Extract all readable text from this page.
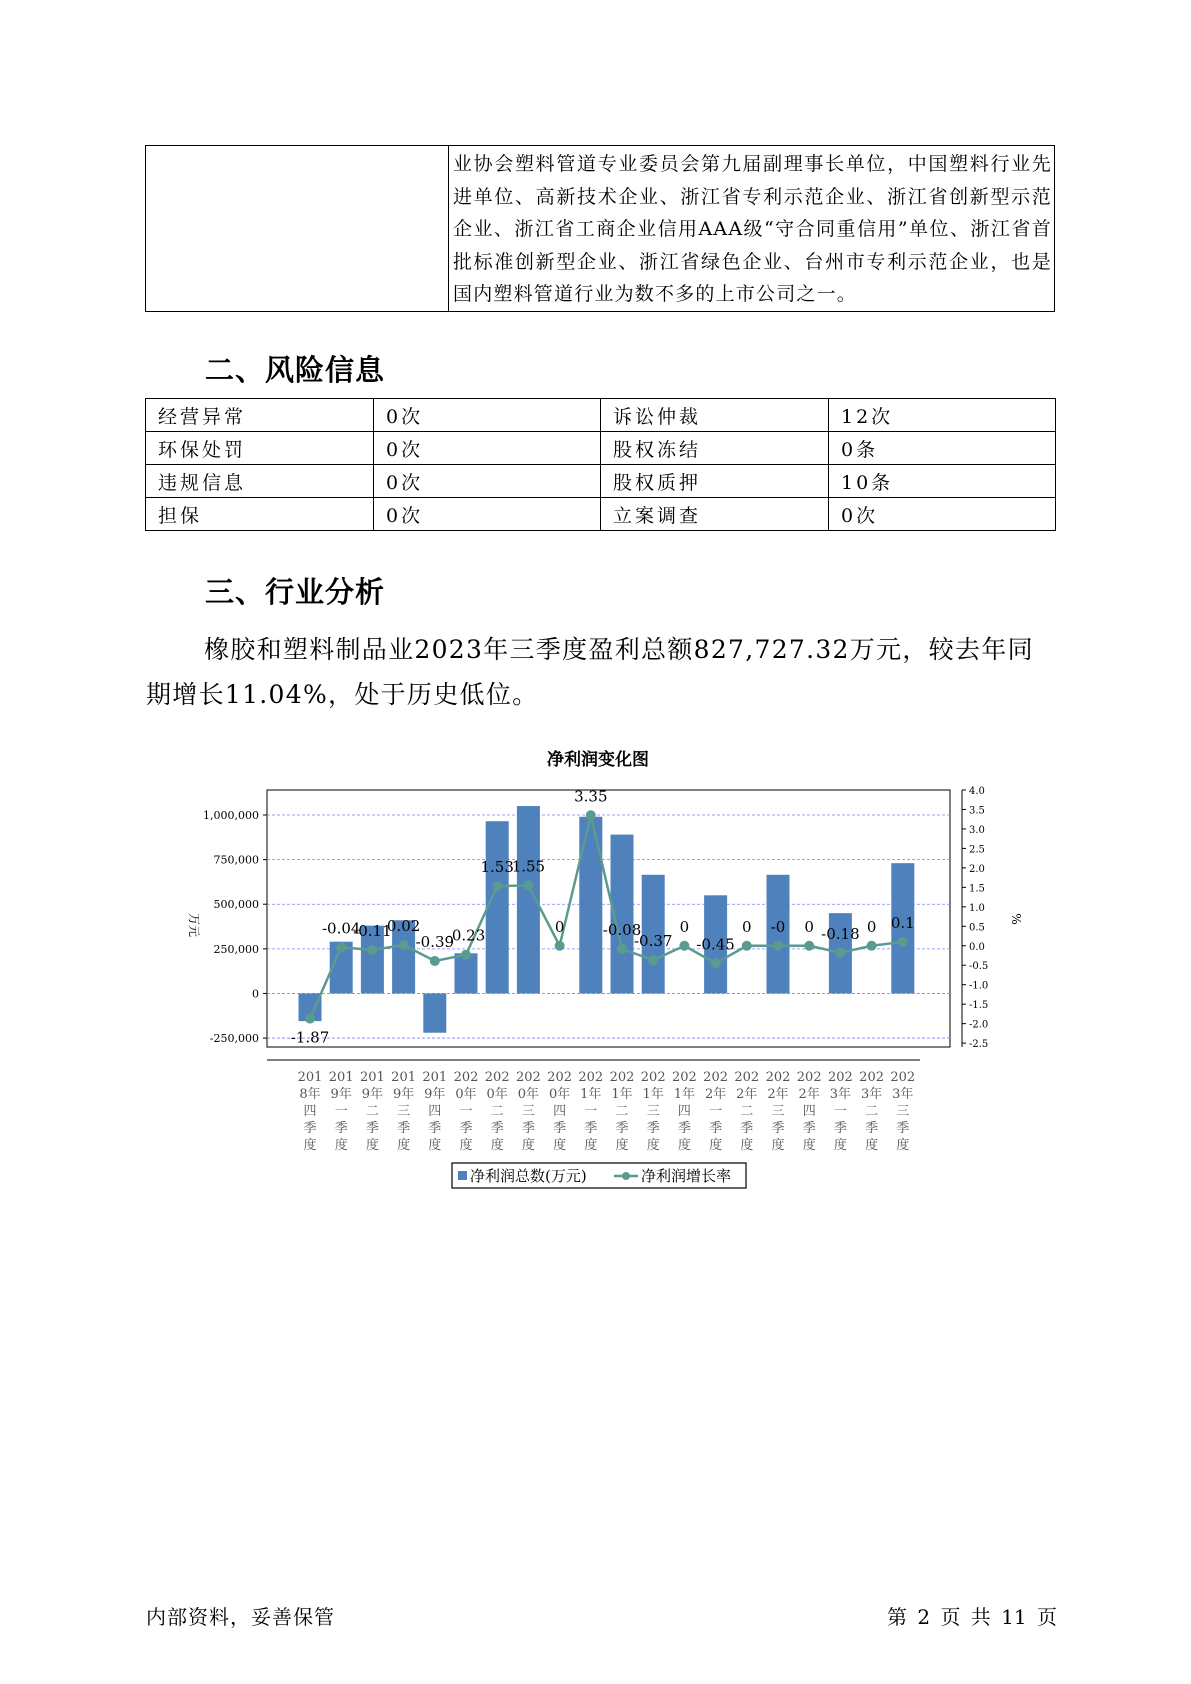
业协会塑料管道专业委员会第九届副理事长单位，中国塑料行业先进单位、高新技术企业、浙江省专利示范企业、浙江省创新型示范企业、浙江省工商企业信用AAA级“守合同重信用”单位、浙江省首批标准创新型企业、浙江省绿色企业、台州市专利示范企业，也是国内塑料管道行业为数不多的上市公司之一。
二、风险信息
经营异常	0次	诉讼仲裁	12次
环保处罚	0次	股权冻结	0条
违规信息	0次	股权质押	10条
担保	0次	立案调查	0次
三、行业分析

橡胶和塑料制品业2023年三季度盈利总额827,727.32万元，较去年同期增长11.04%，处于历史低位。

净利润变化图
-1.87
-0.04
-0.11
0.02
-0.39
-0.23
1.53
1.55
0
3.35
-0.08
-0.37
0
-0.45
0 -0 0 -0.18 0 0.1
-250,000
0
250,000
500,000
750,000
1,000,000
-2.5
-2.0
-1.5
-1.0
-0.5
0.0
0.5
1.0
1.5
2.0
2.5
3.0
3.5
4.0
201
8年
四
季
度
201
9年
一
季
度
201
9年
二
季
度
201
9年
三
季
度
201
9年
四
季
度
202
0年
一
季
度
202
0年
二
季
度
202
0年
三
季
度
202
0年
四
季
度
202
1年
一
季
度
202
1年
二
季
度
202
1年
三
季
度
202
1年
四
季
度
202
2年
一
季
度
202
2年
二
季
度
202
2年
三
季
度
202
2年
四
季
度
202
3年
一
季
度
202
3年
二
季
度
202
3年
三
季
度
万元	%
净利润总数(万元)	净利润增长率
内部资料，妥善保管	第 2 页 共 11 页
